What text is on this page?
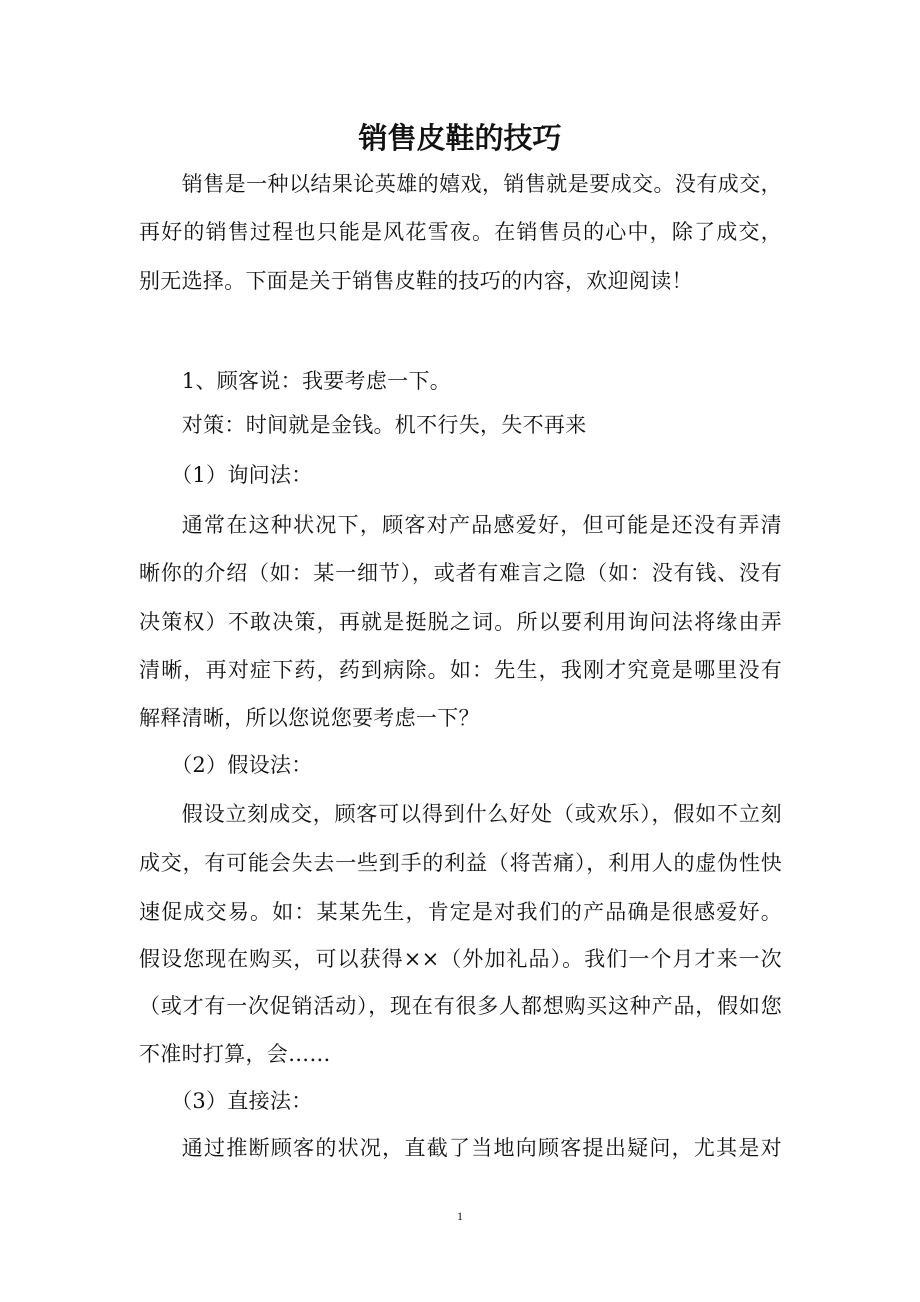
销售皮鞋的技巧
销售是一种以结果论英雄的嬉戏，销售就是要成交。没有成交，
再好的销售过程也只能是风花雪夜。在销售员的心中，除了成交，
别无选择。下面是关于销售皮鞋的技巧的内容，欢迎阅读！
1、顾客说：我要考虑一下。
对策：时间就是金钱。机不行失，失不再来
（1）询问法：
通常在这种状况下，顾客对产品感爱好，但可能是还没有弄清
晰你的介绍（如：某一细节），或者有难言之隐（如：没有钱、没有
决策权）不敢决策，再就是挺脱之词。所以要利用询问法将缘由弄
清晰，再对症下药，药到病除。如：先生，我刚才究竟是哪里没有
解释清晰，所以您说您要考虑一下？
（2）假设法：
假设立刻成交，顾客可以得到什么好处（或欢乐），假如不立刻
成交，有可能会失去一些到手的利益（将苦痛），利用人的虚伪性快
速促成交易。如：某某先生，肯定是对我们的产品确是很感爱好。
假设您现在购买，可以获得××（外加礼品）。我们一个月才来一次
（或才有一次促销活动），现在有很多人都想购买这种产品，假如您
不准时打算，会……
（3）直接法：
通过推断顾客的状况，直截了当地向顾客提出疑问，尤其是对
1
